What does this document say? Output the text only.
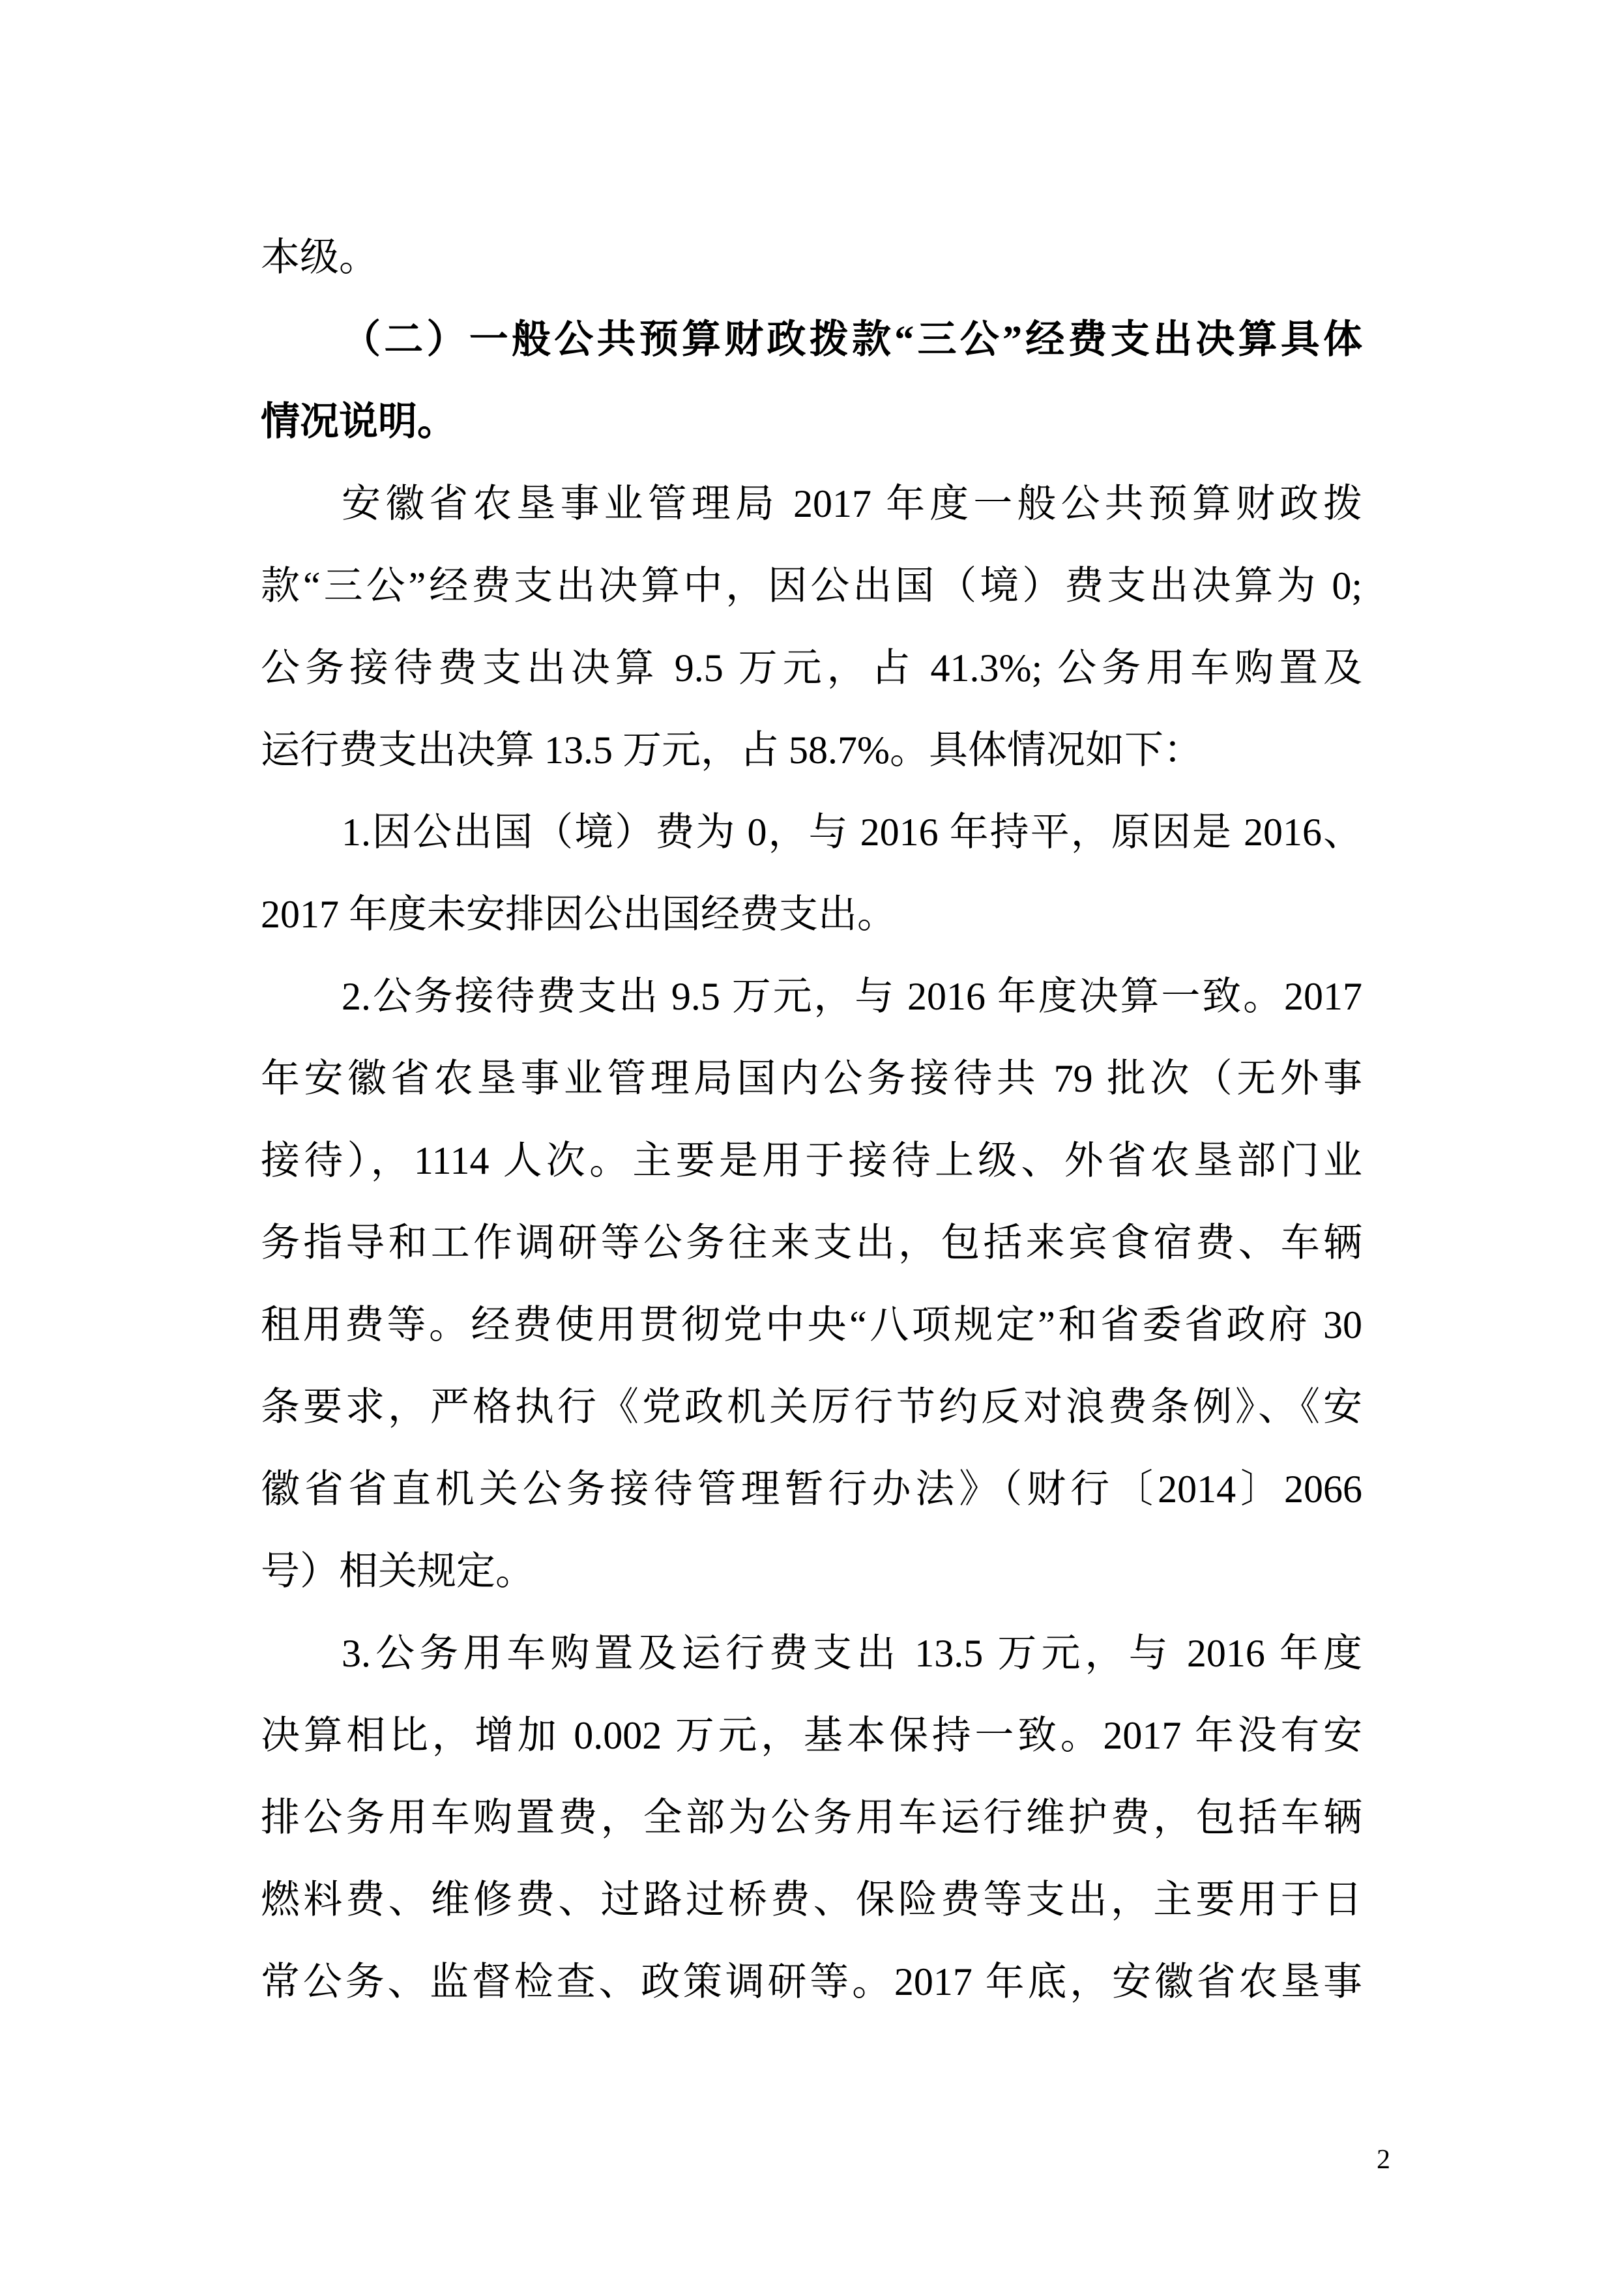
本级。
（二）一般公共预算财政拨款“三公”经费支出决算具体
情况说明。
安徽省农垦事业管理局 2017 年度一般公共预算财政拨
款“三公”经费支出决算中，因公出国（境）费支出决算为 0;
公务接待费支出决算 9.5 万元，占 41.3%; 公务用车购置及
运行费支出决算 13.5 万元，占 58.7%。具体情况如下：
1.因公出国（境）费为 0，与 2016 年持平，原因是 2016、
2017 年度未安排因公出国经费支出。
2.公务接待费支出 9.5 万元，与 2016 年度决算一致。2017
年安徽省农垦事业管理局国内公务接待共 79 批次（无外事
接待），1114 人次。主要是用于接待上级、外省农垦部门业
务指导和工作调研等公务往来支出，包括来宾食宿费、车辆
租用费等。经费使用贯彻党中央“八项规定”和省委省政府 30
条要求，严格执行《党政机关厉行节约反对浪费条例》、《安
徽省省直机关公务接待管理暂行办法》（财行〔2014〕2066
号）相关规定。
3.公务用车购置及运行费支出 13.5 万元，与 2016 年度
决算相比，增加 0.002 万元，基本保持一致。2017 年没有安
排公务用车购置费，全部为公务用车运行维护费，包括车辆
燃料费、维修费、过路过桥费、保险费等支出，主要用于日
常公务、监督检查、政策调研等。2017 年底，安徽省农垦事
2
